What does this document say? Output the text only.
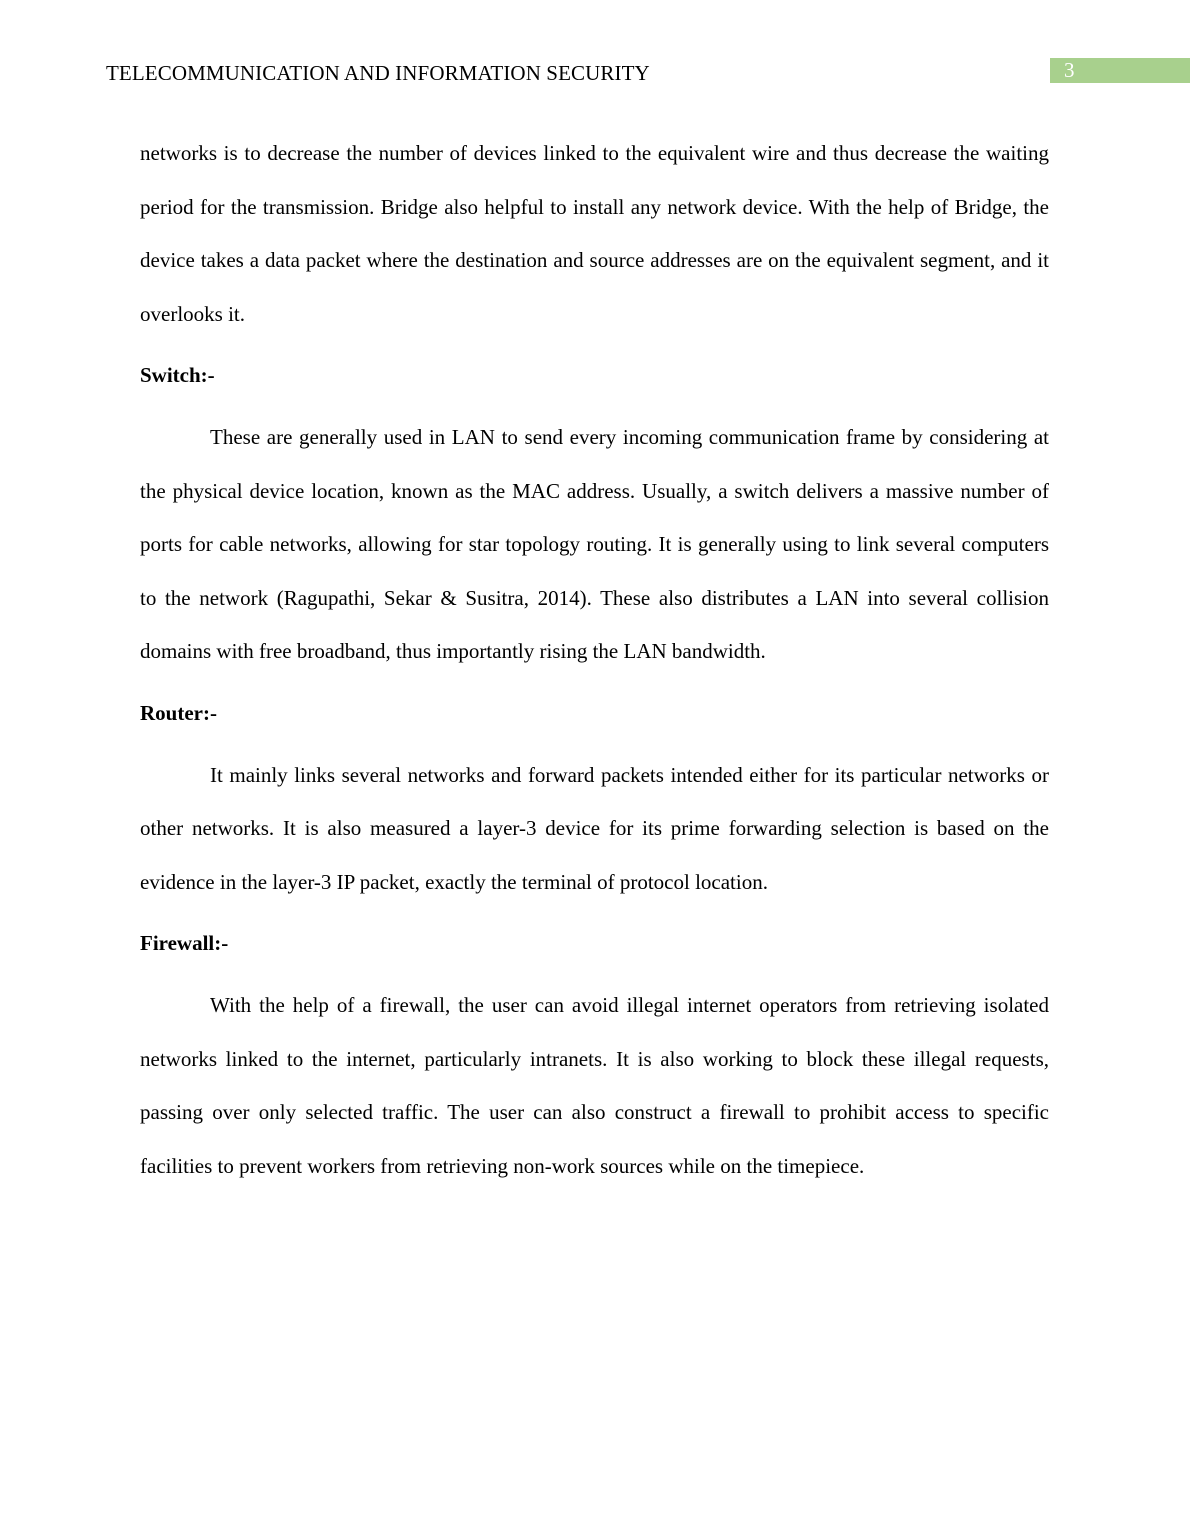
TELECOMMUNICATION AND INFORMATION SECURITY	3

networks is to decrease the number of devices linked to the equivalent wire and thus decrease the waiting period for the transmission. Bridge also helpful to install any network device. With the help of Bridge, the device takes a data packet where the destination and source addresses are on the equivalent segment, and it overlooks it.

Switch:-

These are generally used in LAN to send every incoming communication frame by considering at the physical device location, known as the MAC address. Usually, a switch delivers a massive number of ports for cable networks, allowing for star topology routing. It is generally using to link several computers to the network (Ragupathi, Sekar & Susitra, 2014). These also distributes a LAN into several collision domains with free broadband, thus importantly rising the LAN bandwidth.

Router:-

It mainly links several networks and forward packets intended either for its particular networks or other networks. It is also measured a layer-3 device for its prime forwarding selection is based on the evidence in the layer-3 IP packet, exactly the terminal of protocol location.

Firewall:-

With the help of a firewall, the user can avoid illegal internet operators from retrieving isolated networks linked to the internet, particularly intranets. It is also working to block these illegal requests, passing over only selected traffic. The user can also construct a firewall to prohibit access to specific facilities to prevent workers from retrieving non-work sources while on the timepiece.
